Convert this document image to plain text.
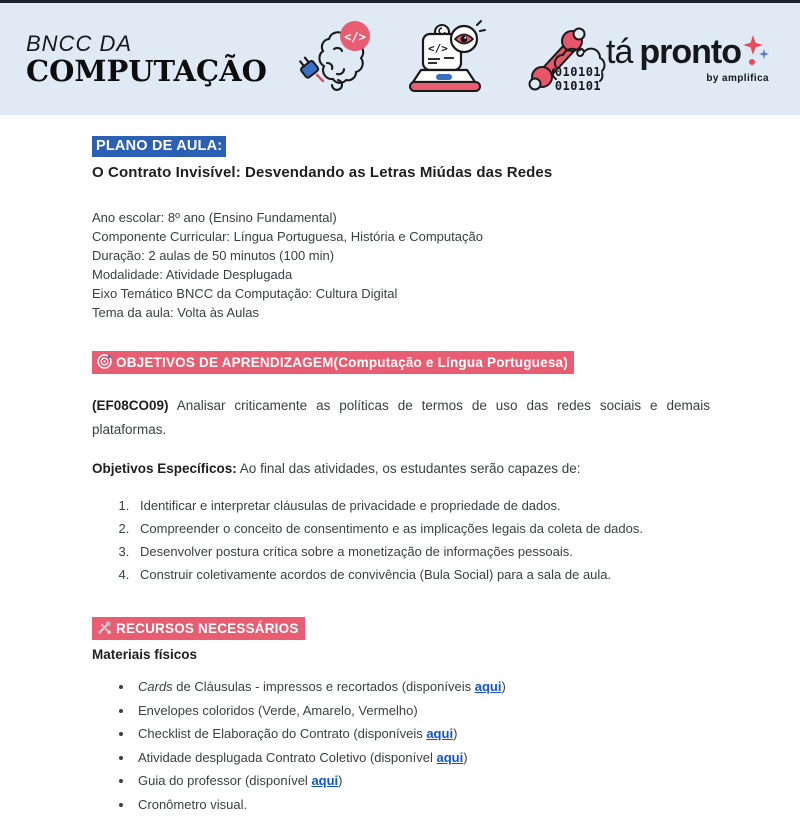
BNCC DA
COMPUTAÇÃO
</>
</>
010101
010101
tá pronto
by amplifica
PLANO DE AULA:
O Contrato Invisível: Desvendando as Letras Miúdas das Redes
Ano escolar: 8º ano (Ensino Fundamental)
Componente Curricular: Língua Portuguesa, História e Computação
Duração: 2 aulas de 50 minutos (100 min)
Modalidade: Atividade Desplugada
Eixo Temático BNCC da Computação: Cultura Digital
Tema da aula: Volta às Aulas
OBJETIVOS DE APRENDIZAGEM(Computação e Língua Portuguesa)

(EF08CO09) Analisar criticamente as políticas de termos de uso das redes sociais e demais plataformas.

Objetivos Específicos: Ao final das atividades, os estudantes serão capazes de:

1. Identificar e interpretar cláusulas de privacidade e propriedade de dados.
2. Compreender o conceito de consentimento e as implicações legais da coleta de dados.
3. Desenvolver postura crítica sobre a monetização de informações pessoais.
4. Construir coletivamente acordos de convivência (Bula Social) para a sala de aula.
RECURSOS NECESSÁRIOS
Materiais físicos
• Cards de Cláusulas - impressos e recortados (disponíveis aqui)
• Envelopes coloridos (Verde, Amarelo, Vermelho)
• Checklist de Elaboração do Contrato (disponíveis aqui)
• Atividade desplugada Contrato Coletivo (disponível aqui)
• Guia do professor (disponível aqui)
• Cronômetro visual.
